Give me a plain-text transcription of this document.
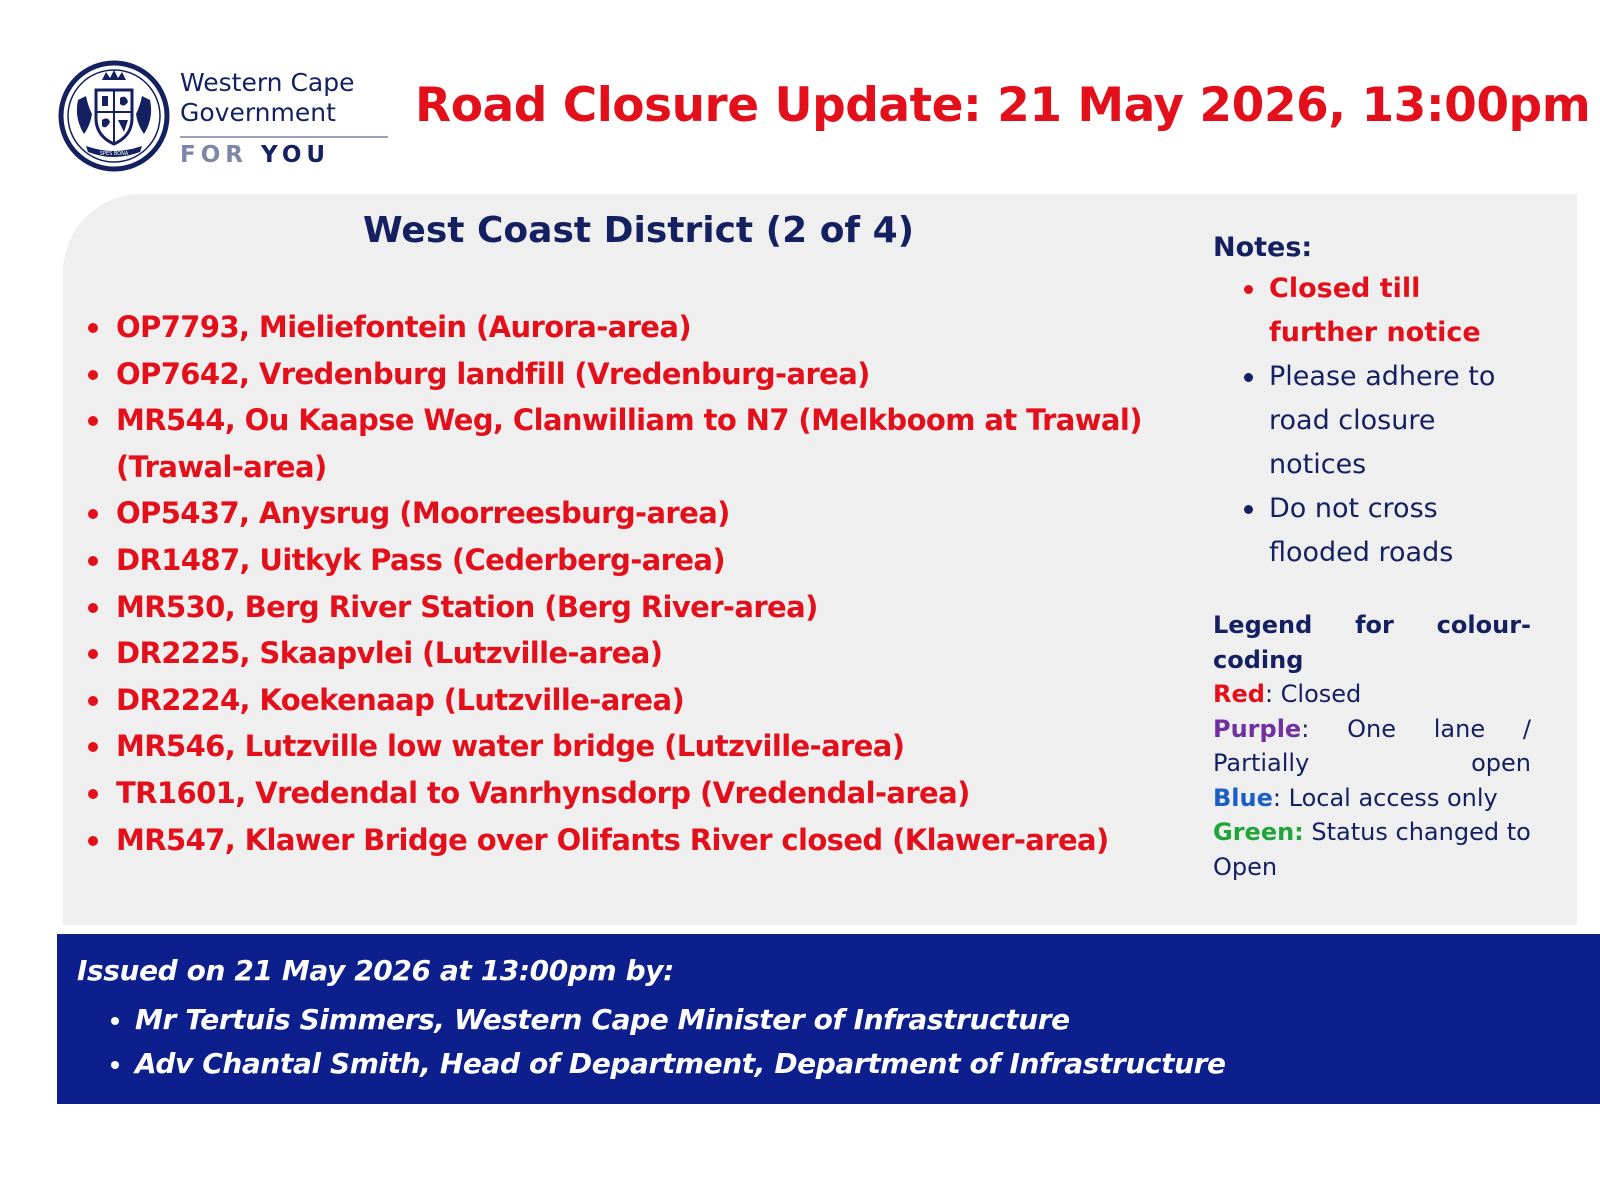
SPES BONA
Western Cape
Government
FOR YOU
Road Closure Update: 21 May 2026, 13:00pm
West Coast District (2 of 4)
OP7793, Mieliefontein (Aurora-area)
OP7642, Vredenburg landfill (Vredenburg-area)
MR544, Ou Kaapse Weg, Clanwilliam to N7 (Melkboom at Trawal) (Trawal-area)
OP5437, Anysrug (Moorreesburg-area)
DR1487, Uitkyk Pass (Cederberg-area)
MR530, Berg River Station (Berg River-area)
DR2225, Skaapvlei (Lutzville-area)
DR2224, Koekenaap (Lutzville-area)
MR546, Lutzville low water bridge (Lutzville-area)
TR1601, Vredendal to Vanrhynsdorp (Vredendal-area)
MR547, Klawer Bridge over Olifants River closed (Klawer-area)
Notes:
Closed till further notice
Please adhere to road closure notices
Do not cross flooded roads
Legend for colour-
coding
Red: Closed
Purple: One lane / Partially open
Blue: Local access only
Green: Status changed to Open
Issued on 21 May 2026 at 13:00pm by:
Mr Tertuis Simmers, Western Cape Minister of Infrastructure
Adv Chantal Smith, Head of Department, Department of Infrastructure
